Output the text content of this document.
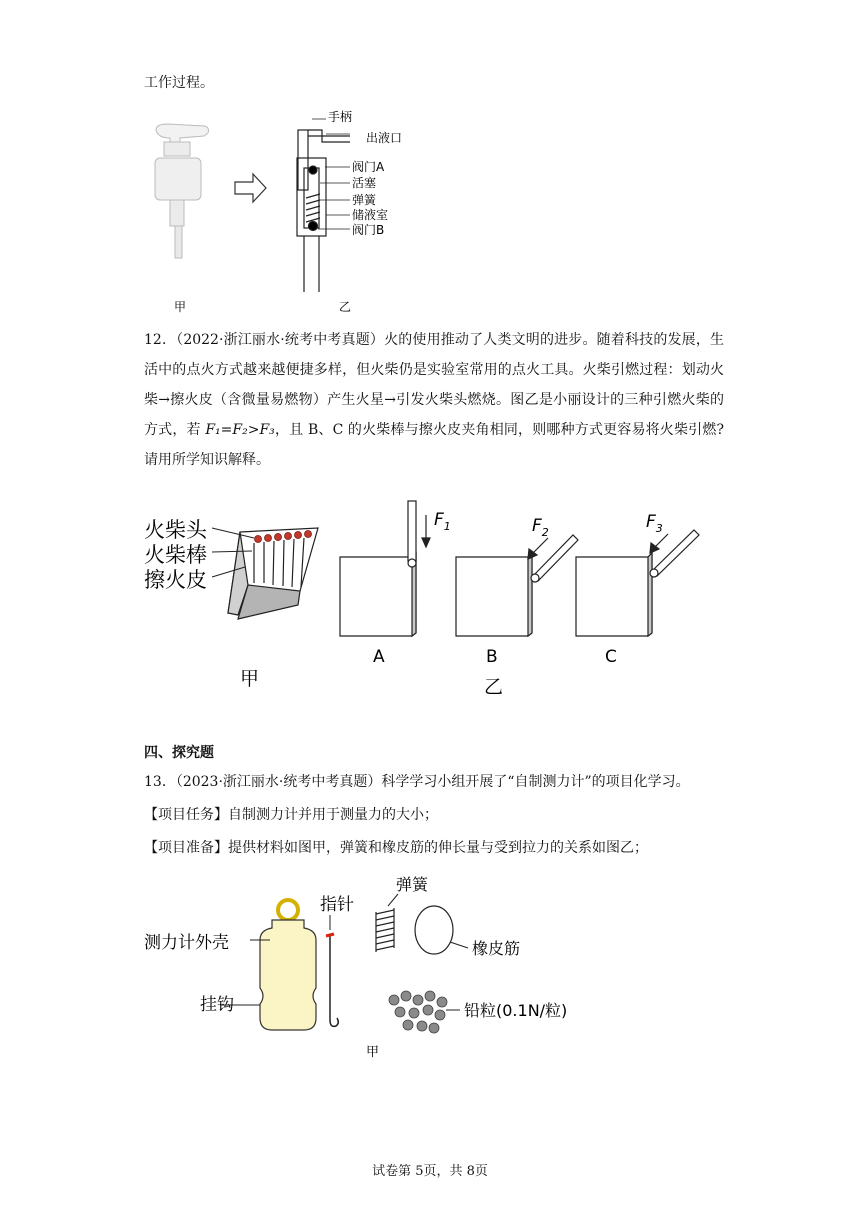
工作过程。
手柄
出液口
阀门A
活塞
弹簧
储液室
阀门B
甲	乙
12．（2022·浙江丽水·统考中考真题）火的使用推动了人类文明的进步。随着科技的发展，生活中的点火方式越来越便捷多样，但火柴仍是实验室常用的点火工具。火柴引燃过程：划动火柴→擦火皮（含微量易燃物）产生火星→引发火柴头燃烧。图乙是小丽设计的三种引燃火柴的方式，若 F₁=F₂>F₃，且 B、C 的火柴棒与擦火皮夹角相同，则哪种方式更容易将火柴引燃?请用所学知识解释。
火柴头
火柴棒
擦火皮
$F_1$	$F_2$
$F_3$
A	B	C
甲	乙
四、探究题
13．（2023·浙江丽水·统考中考真题）科学学习小组开展了“自制测力计”的项目化学习。
【项目任务】自制测力计并用于测量力的大小；
【项目准备】提供材料如图甲，弹簧和橡皮筋的伸长量与受到拉力的关系如图乙；
指针
测力计外壳
挂钩
弹簧
橡皮筋
铅粒(0.1N/粒)
甲
试卷第 5页，共 8页
